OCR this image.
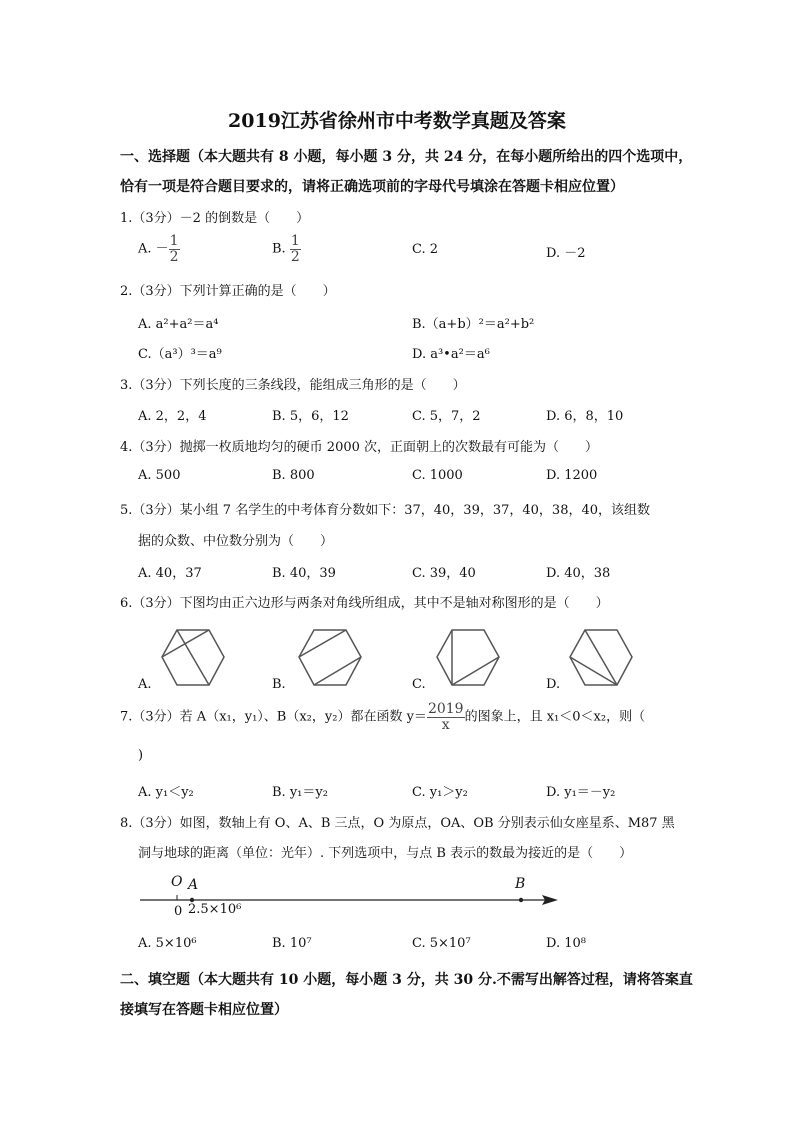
2019江苏省徐州市中考数学真题及答案
一、选择题（本大题共有 8 小题，每小题 3 分，共 24 分，在每小题所给出的四个选项中，
恰有一项是符合题目要求的，请将正确选项前的字母代号填涂在答题卡相应位置）
1.（3分）－2 的倒数是（　　）
A. － $\frac{1}{2}$	B. $\frac{1}{2}$	C. 2	D. －2
2.（3分）下列计算正确的是（　　）
A. a²+a²＝a⁴	B.（a+b）²＝a²+b²
C.（a³）³＝a⁹	D. a³•a²＝a⁶
3.（3分）下列长度的三条线段，能组成三角形的是（　　）
A. 2，2，4	B. 5，6，12	C. 5，7，2	D. 6，8，10
4.（3分）抛掷一枚质地均匀的硬币 2000 次，正面朝上的次数最有可能为（　　）
A. 500	B. 800	C. 1000	D. 1200
5.（3分）某小组 7 名学生的中考体育分数如下：37，40，39，37，40，38，40，该组数
据的众数、中位数分别为（　　）
A. 40，37	B. 40，39	C. 39，40	D. 40，38
6.（3分）下图均由正六边形与两条对角线所组成，其中不是轴对称图形的是（　　）
A.	B.	C.	D.
7.（3分）若 A（x₁，y₁）、B（x₂，y₂）都在函数 $y= \frac{2019}{x}$ 的图象上，且 x₁＜0＜x₂，则（
)
A. y₁＜y₂	B. y₁＝y₂	C. y₁＞y₂	D. y₁＝－y₂
8.（3分）如图，数轴上有 O、A、B 三点，O 为原点，OA、OB 分别表示仙女座星系、M87 黑
洞与地球的距离（单位：光年）. 下列选项中，与点 B 表示的数最为接近的是（　　）
O A	B
0 2.5×10⁶
A. 5×10⁶	B. 10⁷	C. 5×10⁷	D. 10⁸
二、填空题（本大题共有 10 小题，每小题 3 分，共 30 分.不需写出解答过程，请将答案直
接填写在答题卡相应位置）
